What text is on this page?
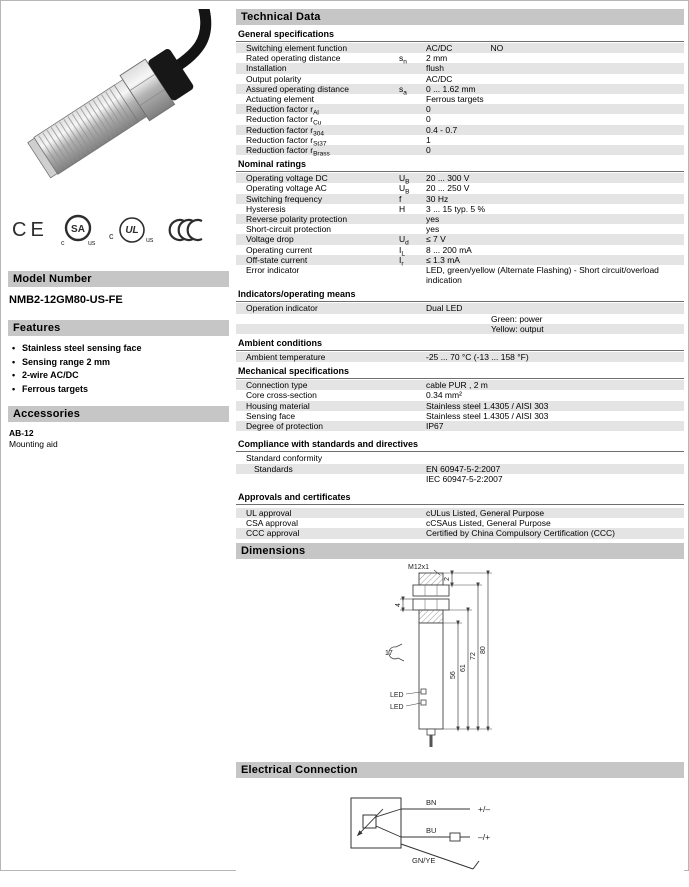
CE SA
c	us
c UL
us
Model Number
NMB2-12GM80-US-FE
Features
• Stainless steel sensing face
• Sensing range 2 mm
• 2-wire AC/DC
• Ferrous targets
Accessories
AB-12
Mounting aid
Technical Data
General specifications
Switching element function	AC/DC	NO
Rated operating distance	$s_n$	2 mm
Installation	flush
Output polarity	AC/DC
Assured operating distance	$s_a$	0 ... 1.62 mm
Actuating element	Ferrous targets
Reduction factor $r_{Al}$	0
Reduction factor $r_{Cu}$	0
Reduction factor $r_{304}$	0.4 - 0.7
Reduction factor $r_{St37}$	1
Reduction factor $r_{Brass}$	0
Nominal ratings
Operating voltage DC	$U_B$	20 ... 300 V
Operating voltage AC	$U_B$	20 ... 250 V
Switching frequency	f	30 Hz
Hysteresis	H	3 ... 15 typ. 5 %
Reverse polarity protection	yes
Short-circuit protection	yes
Voltage drop	$U_d$	≤ 7 V
Operating current	$I_L$	8 ... 200 mA
Off-state current	$I_r$	≤ 1.3 mA
Error indicator	LED, green/yellow (Alternate Flashing) - Short circuit/overload indication
Indicators/operating means
Operation indicator	Dual LED
Green: power
Yellow: output
Ambient conditions
Ambient temperature	-25 ... 70 °C (-13 ... 158 °F)
Mechanical specifications
Connection type	cable PUR , 2 m
Core cross-section	0.34 mm²
Housing material	Stainless steel 1.4305 / AISI 303
Sensing face	Stainless steel 1.4305 / AISI 303
Degree of protection	IP67
Compliance with standards and directives
Standard conformity
Standards	EN 60947-5-2:2007
IEC 60947-5-2:2007
Approvals and certificates
UL approval	cULus Listed, General Purpose
CSA approval	cCSAus Listed, General Purpose
CCC approval	Certified by China Compulsory Certification (CCC)
Dimensions
M12x1
LED
LED
56
61
72
80
2
4
17
Electrical Connection
BN
+/–
BU
–/+
GN/YE
